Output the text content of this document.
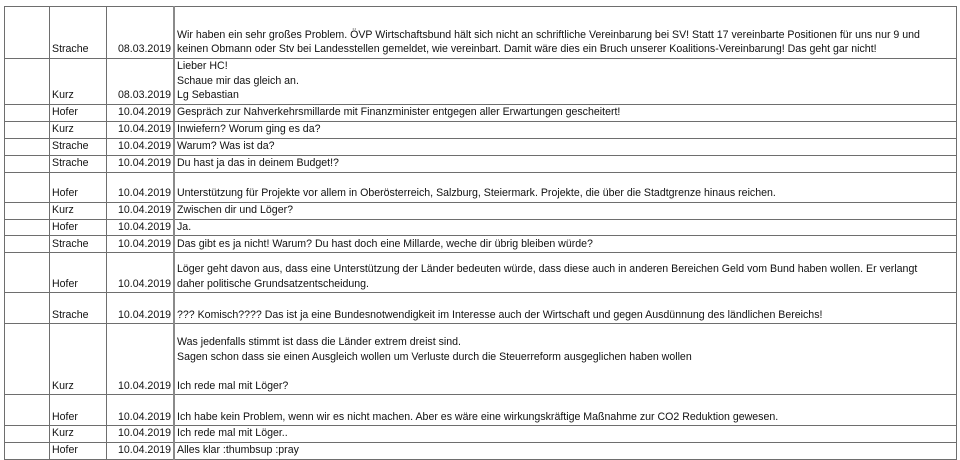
	Strache	08.03.2019	Wir haben ein sehr großes Problem. ÖVP Wirtschaftsbund hält sich nicht an schriftliche Vereinbarung bei SV! Statt 17 vereinbarte Positionen für uns nur 9 und
keinen Obmann oder Stv bei Landesstellen gemeldet, wie vereinbart. Damit wäre dies ein Bruch unserer Koalitions-Vereinbarung! Das geht gar nicht!
	Kurz	08.03.2019	Lieber HC!
Schaue mir das gleich an.
Lg Sebastian
	Hofer	10.04.2019	Gespräch zur Nahverkehrsmillarde mit Finanzminister entgegen aller Erwartungen gescheitert!
	Kurz	10.04.2019	Inwiefern? Worum ging es da?
	Strache	10.04.2019	Warum? Was ist da?
	Strache	10.04.2019	Du hast ja das in deinem Budget!?
	Hofer	10.04.2019	Unterstützung für Projekte vor allem in Oberösterreich, Salzburg, Steiermark. Projekte, die über die Stadtgrenze hinaus reichen.
	Kurz	10.04.2019	Zwischen dir und Löger?
	Hofer	10.04.2019	Ja.
	Strache	10.04.2019	Das gibt es ja nicht! Warum? Du hast doch eine Millarde, weche dir übrig bleiben würde?
	Hofer	10.04.2019	Löger geht davon aus, dass eine Unterstützung der Länder bedeuten würde, dass diese auch in anderen Bereichen Geld vom Bund haben wollen. Er verlangt
daher politische Grundsatzentscheidung.
	Strache	10.04.2019	??? Komisch???? Das ist ja eine Bundesnotwendigkeit im Interesse auch der Wirtschaft und gegen Ausdünnung des ländlichen Bereichs!
	Kurz	10.04.2019	Was jedenfalls stimmt ist dass die Länder extrem dreist sind.
Sagen schon dass sie einen Ausgleich wollen um Verluste durch die Steuerreform ausgeglichen haben wollen

Ich rede mal mit Löger?
	Hofer	10.04.2019	Ich habe kein Problem, wenn wir es nicht machen. Aber es wäre eine wirkungskräftige Maßnahme zur CO2 Reduktion gewesen.
	Kurz	10.04.2019	Ich rede mal mit Löger..
	Hofer	10.04.2019	Alles klar :thumbsup :pray
